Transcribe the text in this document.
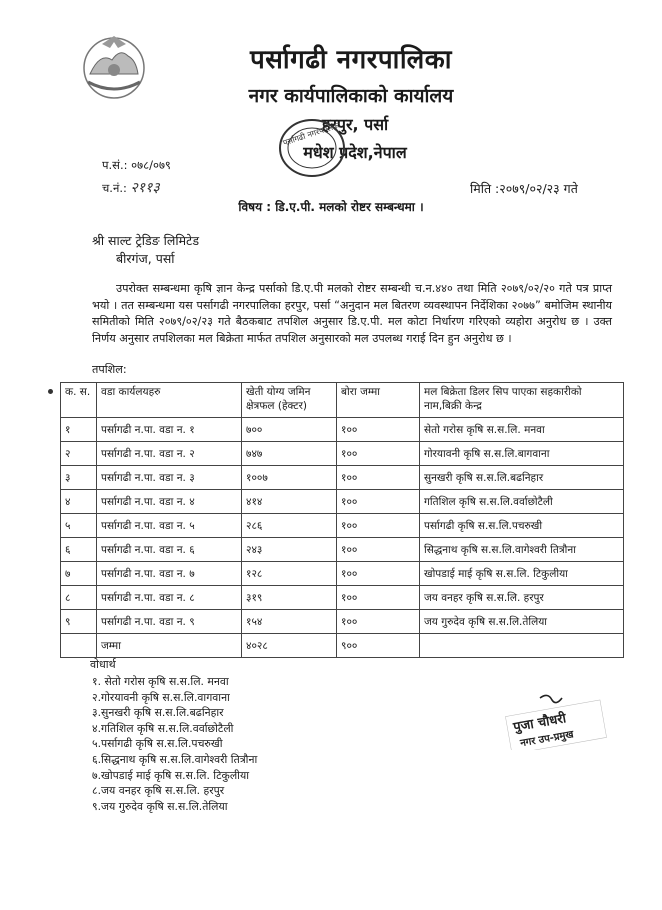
पर्सागढी नगरपालिका
नगर कार्यपालिकाको कार्यालय
हरपुर, पर्सा
मधेश प्रदेश,नेपाल
पर्सागढी नगरपालिका
प.सं.: ०७८/०७९
च.नं.: २११३	मिति :२०७९/०२/२३ गते
विषय : डि.ए.पी. मलको रोष्टर सम्बन्धमा ।
श्री साल्ट ट्रेडिङ लिमिटेड
बीरगंज, पर्सा

उपरोक्त सम्बन्धमा कृषि ज्ञान केन्द्र पर्साको डि.ए.पी मलको रोष्टर सम्बन्धी च.न.४४० तथा मिति २०७९/०२/२० गते पत्र प्राप्त भयो । तत सम्बन्धमा यस पर्सागढी नगरपालिका हरपुर, पर्सा “अनुदान मल बितरण व्यवस्थापन निर्देशिका २०७७” बमोजिम स्थानीय समितीको मिति २०७९/०२/२३ गते बैठकबाट तपशिल अनुसार डि.ए.पी. मल कोटा निर्धारण गरिएको व्यहोरा अनुरोध छ । उक्त निर्णय अनुसार तपशिलका मल बिक्रेता मार्फत तपशिल अनुसारको मल उपलब्ध गराई दिन हुन अनुरोध छ ।

तपशिल:
क. स.	वडा कार्यलयहरु	खेती योग्य जमिन क्षेत्रफल (हेक्टर)	बोरा जम्मा	मल बिक्रेता डिलर सिप पाएका सहकारीको नाम,बिक्री केन्द्र
१	पर्सागढी न.पा. वडा न. १	७००	१००	सेतो गरोस कृषि स.स.लि. मनवा
२	पर्सागढी न.पा. वडा न. २	७४७	१००	गोरयावनी कृषि स.स.लि.बागवाना
३	पर्सागढी न.पा. वडा न. ३	१००७	१००	सुनखरी कृषि स.स.लि.बढनिहार
४	पर्सागढी न.पा. वडा न. ४	४१४	१००	गतिशिल कृषि स.स.लि.वर्वाछोटैली
५	पर्सागढी न.पा. वडा न. ५	२८६	१००	पर्सागढी कृषि स.स.लि.पचरुखी
६	पर्सागढी न.पा. वडा न. ६	२४३	१००	सिद्धनाथ कृषि स.स.लि.वागेश्वरी तित्रौना
७	पर्सागढी न.पा. वडा न. ७	१२८	१००	खोपडाई माई कृषि स.स.लि. टिकुलीया
८	पर्सागढी न.पा. वडा न. ८	३१९	१००	जय वनहर कृषि स.स.लि. हरपुर
९	पर्सागढी न.पा. वडा न. ९	१५४	१००	जय गुरुदेव कृषि स.स.लि.तेलिया
	जम्मा	४०२८	९००	
वोधार्थ
१. सेतो गरोस कृषि स.स.लि. मनवा
२.गोरयावनी कृषि स.स.लि.वागवाना
३.सुनखरी कृषि स.स.लि.बढनिहार
४.गतिशिल कृषि स.स.लि.वर्वाछोटैली
५.पर्सागढी कृषि स.स.लि.पचरुखी
६.सिद्धनाथ कृषि स.स.लि.वागेश्वरी तित्रौना
७.खोपडाई माई कृषि स.स.लि. टिकुलीया
८.जय वनहर कृषि स.स.लि. हरपुर
९.जय गुरुदेव कृषि स.स.लि.तेलिया
पुजा चौधरी
नगर उप-प्रमुख
